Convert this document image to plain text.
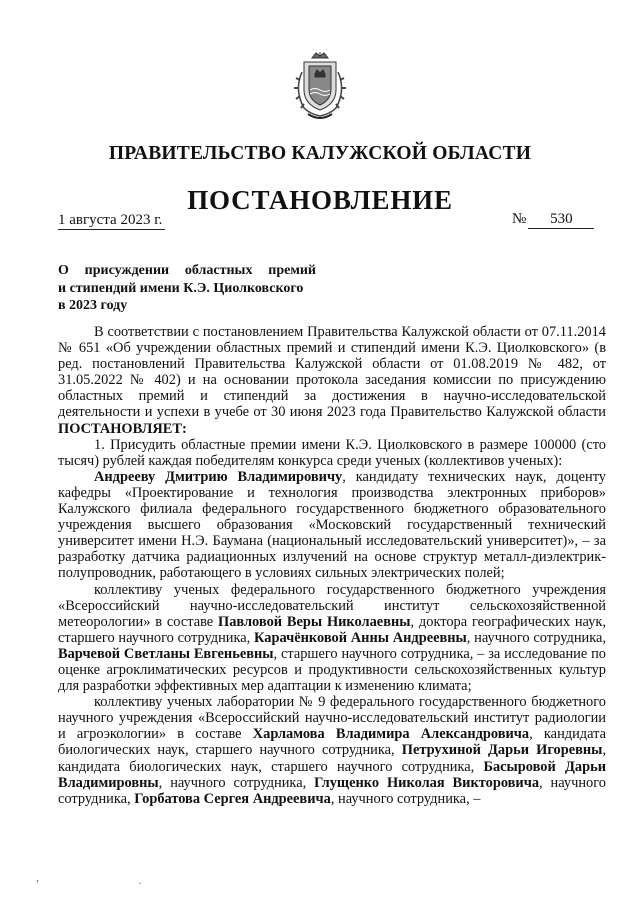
ПРАВИТЕЛЬСТВО КАЛУЖСКОЙ ОБЛАСТИ
ПОСТАНОВЛЕНИЕ
1 августа 2023 г.	№ 530
О присуждении областных премий
и стипендий имени К.Э. Циолковского
в 2023 году

В соответствии с постановлением Правительства Калужской области от 07.11.2014 № 651 «Об учреждении областных премий и стипендий имени К.Э. Циолковского» (в ред. постановлений Правительства Калужской области от 01.08.2019 № 482, от 31.05.2022 № 402) и на основании протокола заседания комиссии по присуждению областных премий и стипендий за достижения в научно-исследовательской деятельности и успехи в учебе от 30 июня 2023 года Правительство Калужской области ПОСТАНОВЛЯЕТ:

1. Присудить областные премии имени К.Э. Циолковского в размере 100000 (сто тысяч) рублей каждая победителям конкурса среди ученых (коллективов ученых):

Андрееву Дмитрию Владимировичу, кандидату технических наук, доценту кафедры «Проектирование и технология производства электронных приборов» Калужского филиала федерального государственного бюджетного образовательного учреждения высшего образования «Московский государственный технический университет имени Н.Э. Баумана (национальный исследовательский университет)», – за разработку датчика радиационных излучений на основе структур металл-диэлектрик-полупроводник, работающего в условиях сильных электрических полей;

коллективу ученых федерального государственного бюджетного учреждения «Всероссийский научно-исследовательский институт сельскохозяйственной метеорологии» в составе Павловой Веры Николаевны, доктора географических наук, старшего научного сотрудника, Карачёнковой Анны Андреевны, научного сотрудника, Варчевой Светланы Евгеньевны, старшего научного сотрудника, – за исследование по оценке агроклиматических ресурсов и продуктивности сельскохозяйственных культур для разработки эффективных мер адаптации к изменению климата;

коллективу ученых лаборатории № 9 федерального государственного бюджетного научного учреждения «Всероссийский научно-исследовательский институт радиологии и агроэкологии» в составе Харламова Владимира Александровича, кандидата биологических наук, старшего научного сотрудника, Петрухиной Дарьи Игоревны, кандидата биологических наук, старшего научного сотрудника, Басыровой Дарьи Владимировны, научного сотрудника, Глущенко Николая Викторовича, научного сотрудника, Горбатова Сергея Андреевича, научного сотрудника, –

,	·
